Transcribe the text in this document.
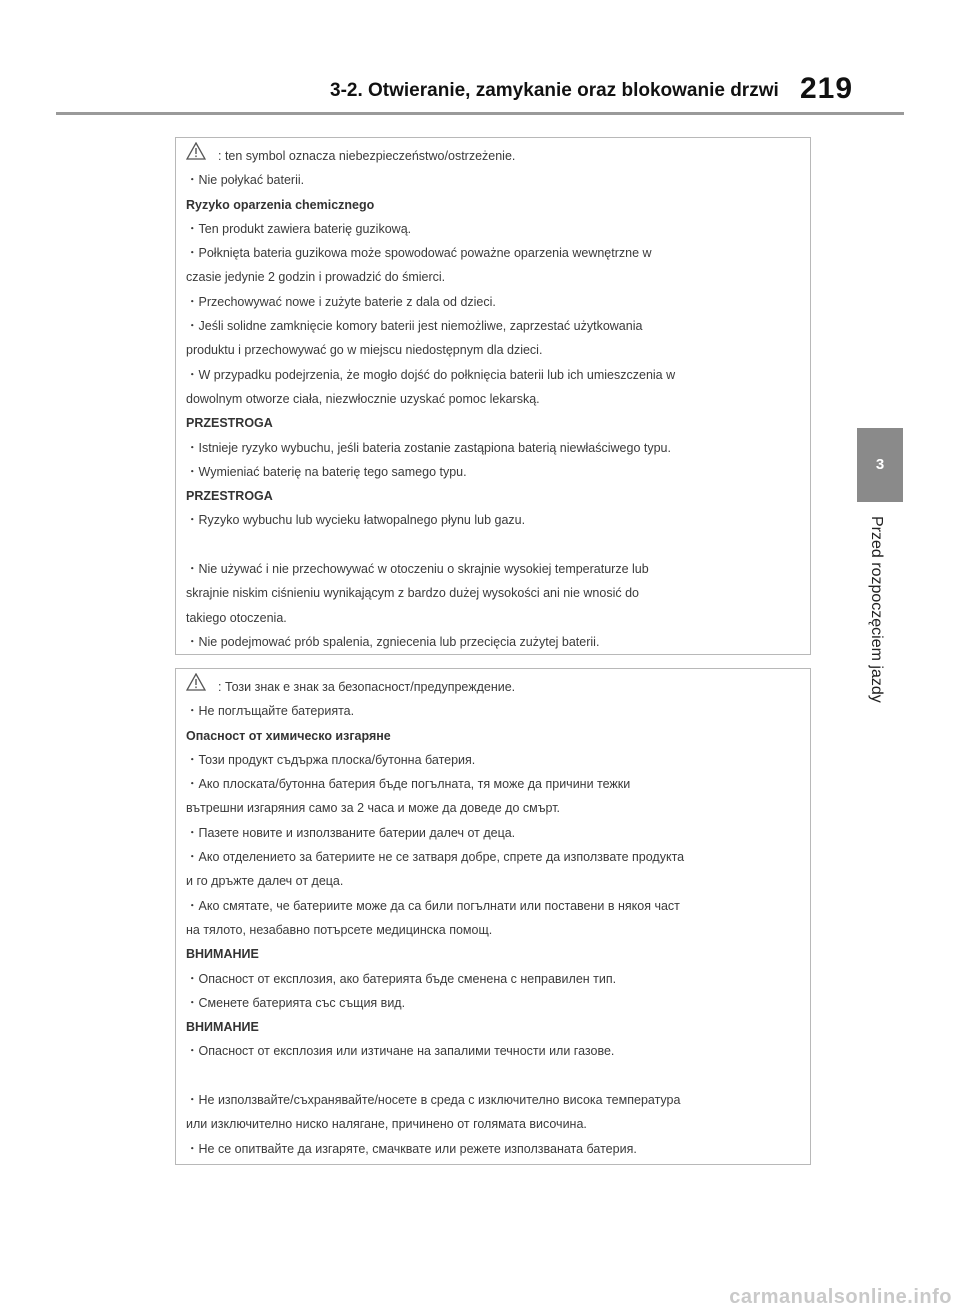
3-2. Otwieranie, zamykanie oraz blokowanie drzwi 219
3
Przed rozpoczęciem jazdy
: ten symbol oznacza niebezpieczeństwo/ostrzeżenie.
・Nie połykać baterii.
Ryzyko oparzenia chemicznego
・Ten produkt zawiera baterię guzikową.
・Połknięta bateria guzikowa może spowodować poważne oparzenia wewnętrzne w
czasie jedynie 2 godzin i prowadzić do śmierci.
・Przechowywać nowe i zużyte baterie z dala od dzieci.
・Jeśli solidne zamknięcie komory baterii jest niemożliwe, zaprzestać użytkowania
produktu i przechowywać go w miejscu niedostępnym dla dzieci.
・W przypadku podejrzenia, że mogło dojść do połknięcia baterii lub ich umieszczenia w
dowolnym otworze ciała, niezwłocznie uzyskać pomoc lekarską.
PRZESTROGA
・Istnieje ryzyko wybuchu, jeśli bateria zostanie zastąpiona baterią niewłaściwego typu.
・Wymieniać baterię na baterię tego samego typu.
PRZESTROGA
・Ryzyko wybuchu lub wycieku łatwopalnego płynu lub gazu.
・Nie używać i nie przechowywać w otoczeniu o skrajnie wysokiej temperaturze lub
skrajnie niskim ciśnieniu wynikającym z bardzo dużej wysokości ani nie wnosić do
takiego otoczenia.
・Nie podejmować prób spalenia, zgniecenia lub przecięcia zużytej baterii.
: Този знак е знак за безопасност/предупреждение.
・Не поглъщайте батерията.
Опасност от химическо изгаряне
・Този продукт съдържа плоска/бутонна батерия.
・Ако плоската/бутонна батерия бъде погълната, тя може да причини тежки
вътрешни изгаряния само за 2 часа и може да доведе до смърт.
・Пазете новите и използваните батерии далеч от деца.
・Ако отделението за батериите не се затваря добре, спрете да използвате продукта
и го дръжте далеч от деца.
・Ако смятате, че батериите може да са били погълнати или поставени в някоя част
на тялото, незабавно потърсете медицинска помощ.
ВНИМАНИЕ
・Опасност от експлозия, ако батерията бъде сменена с неправилен тип.
・Сменете батерията със същия вид.
ВНИМАНИЕ
・Опасност от експлозия или изтичане на запалими течности или газове.
・Не използвайте/съхранявайте/носете в среда с изключително висока температура
или изключително ниско налягане, причинено от голямата височина.
・Не се опитвайте да изгаряте, смачквате или режете използваната батерия.
carmanualsonline.info
